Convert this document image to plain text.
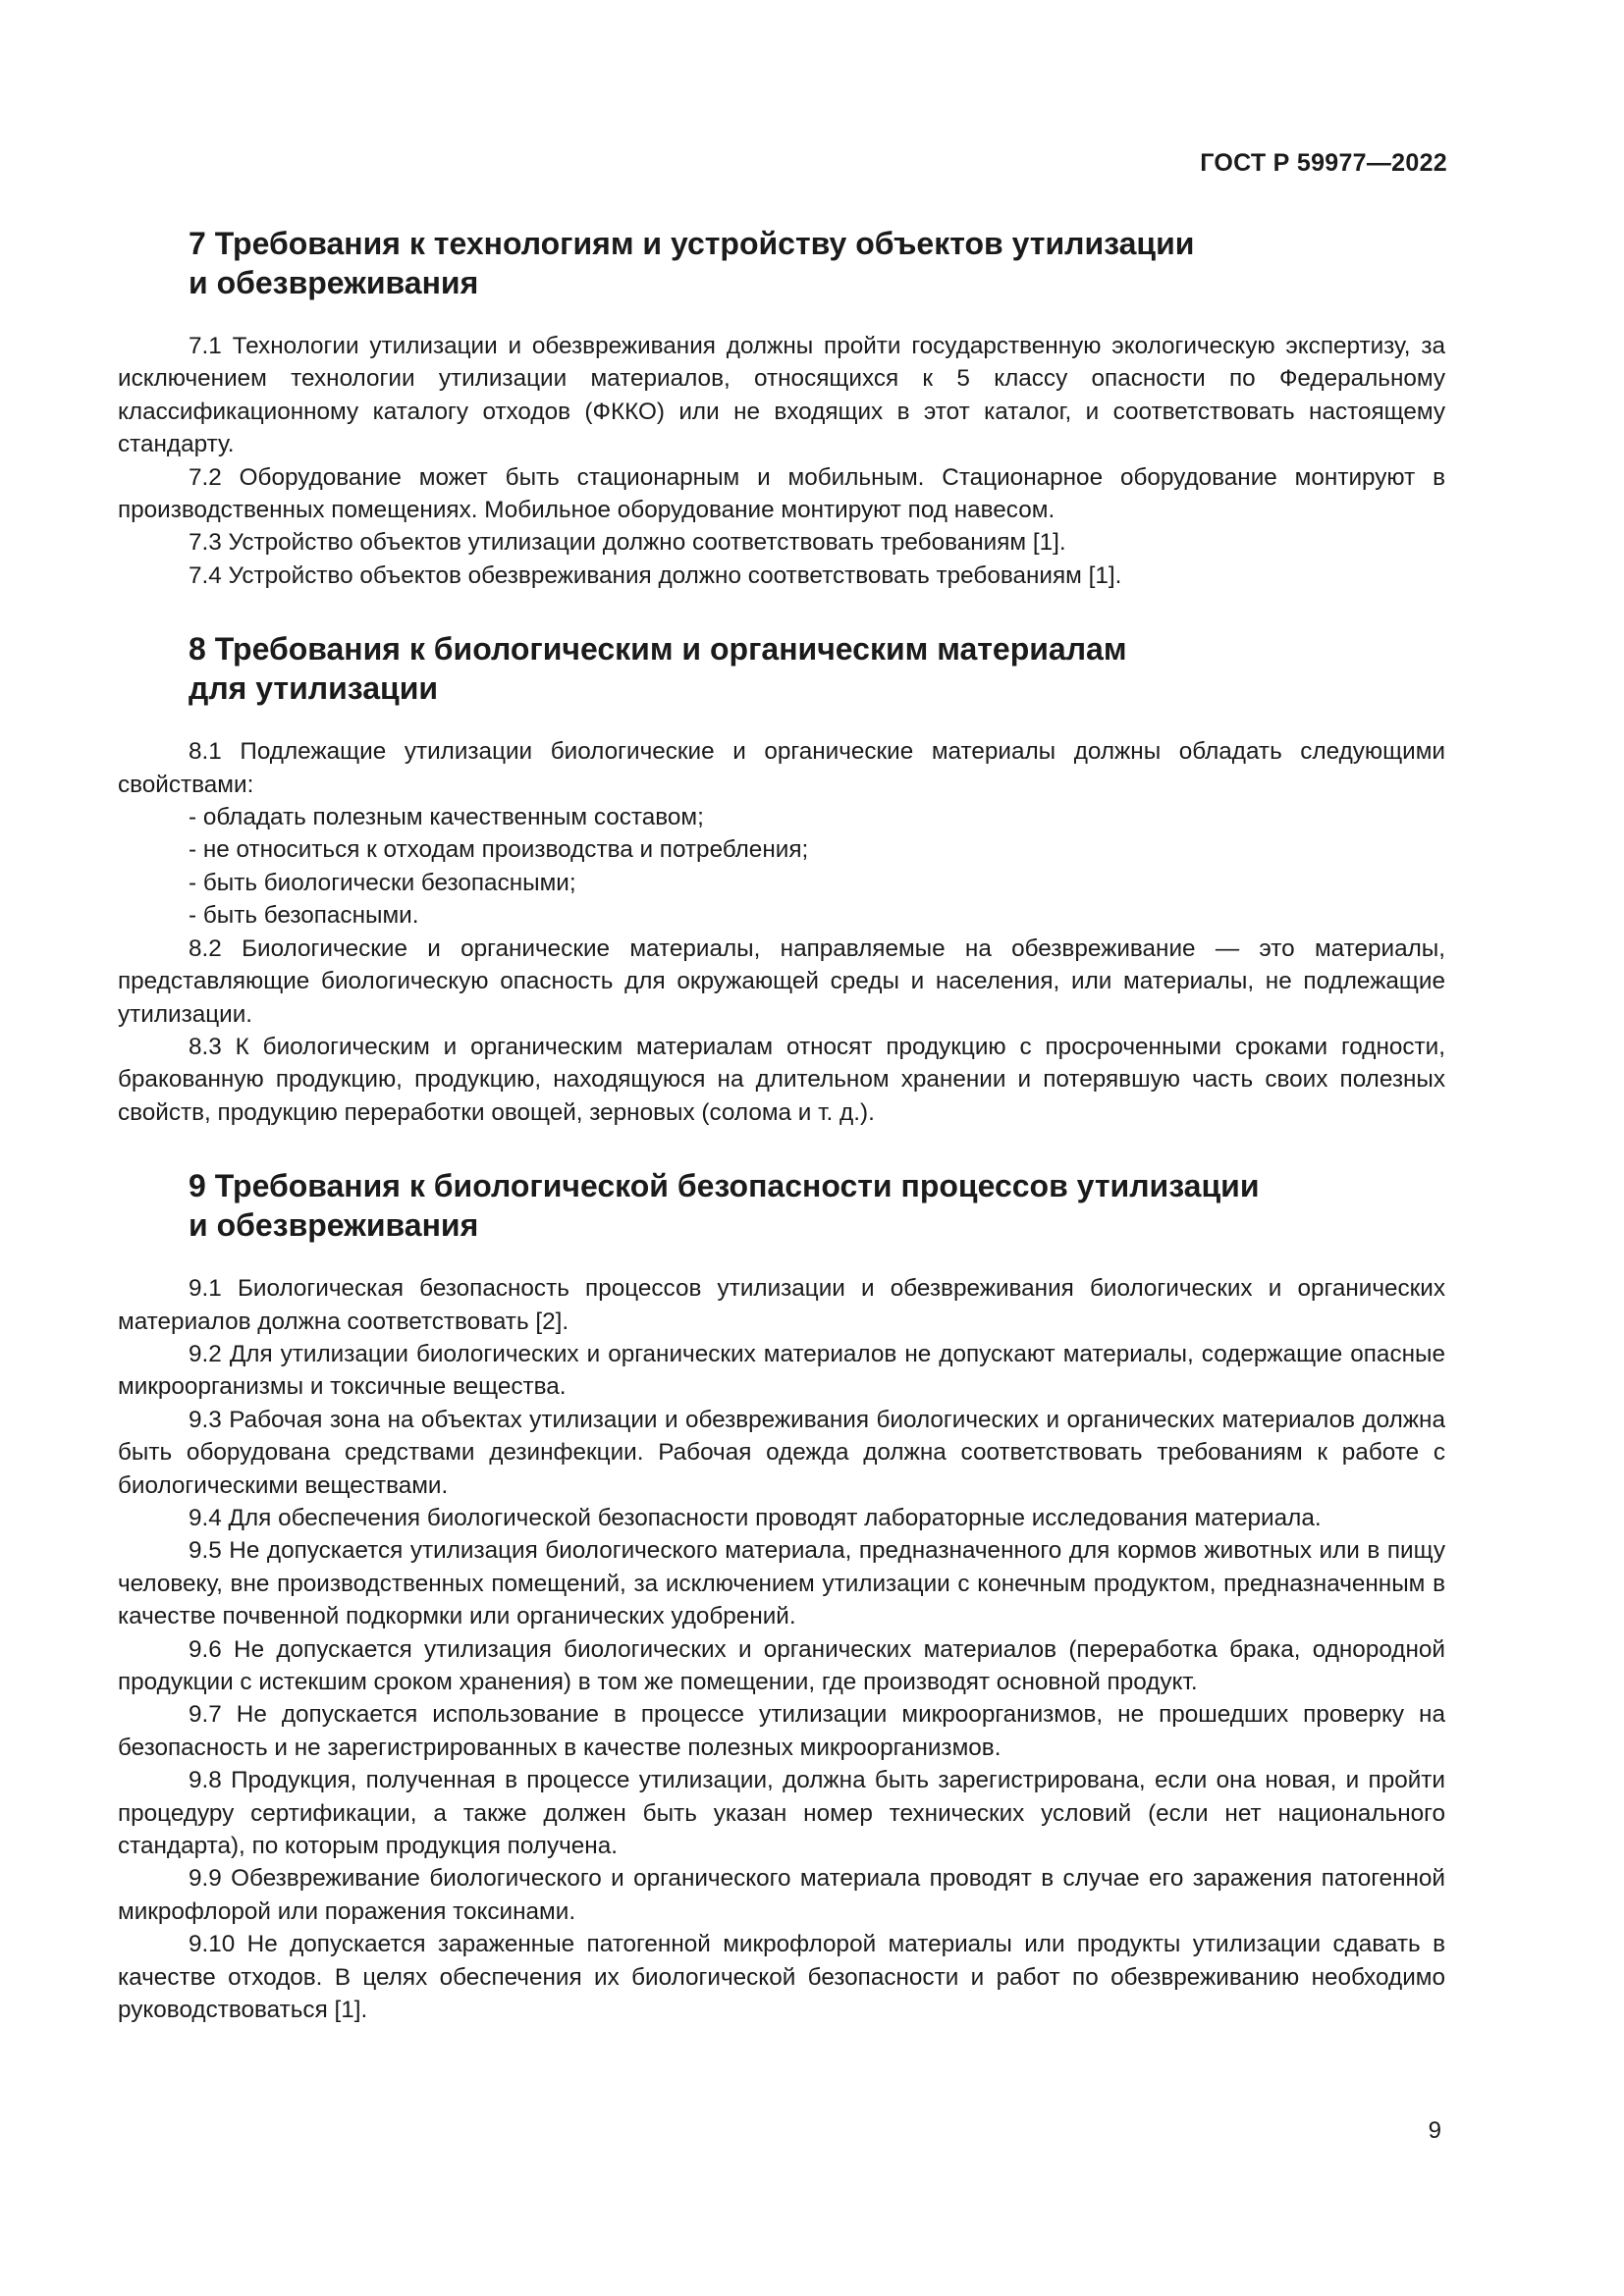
ГОСТ Р 59977—2022
7 Требования к технологиям и устройству объектов утилизации
и обезвреживания

7.1 Технологии утилизации и обезвреживания должны пройти государственную экологическую экспертизу, за исключением технологии утилизации материалов, относящихся к 5 классу опасности по Федеральному классификационному каталогу отходов (ФККО) или не входящих в этот каталог, и соответствовать настоящему стандарту.

7.2 Оборудование может быть стационарным и мобильным. Стационарное оборудование монтируют в производственных помещениях. Мобильное оборудование монтируют под навесом.

7.3 Устройство объектов утилизации должно соответствовать требованиям [1].

7.4 Устройство объектов обезвреживания должно соответствовать требованиям [1].

8 Требования к биологическим и органическим материалам
для утилизации

8.1 Подлежащие утилизации биологические и органические материалы должны обладать следующими свойствами:

- обладать полезным качественным составом;

- не относиться к отходам производства и потребления;

- быть биологически безопасными;

- быть безопасными.

8.2 Биологические и органические материалы, направляемые на обезвреживание — это материалы, представляющие биологическую опасность для окружающей среды и населения, или материалы, не подлежащие утилизации.

8.3 К биологическим и органическим материалам относят продукцию с просроченными сроками годности, бракованную продукцию, продукцию, находящуюся на длительном хранении и потерявшую часть своих полезных свойств, продукцию переработки овощей, зерновых (солома и т. д.).

9 Требования к биологической безопасности процессов утилизации
и обезвреживания

9.1 Биологическая безопасность процессов утилизации и обезвреживания биологических и органических материалов должна соответствовать [2].

9.2 Для утилизации биологических и органических материалов не допускают материалы, содержащие опасные микроорганизмы и токсичные вещества.

9.3 Рабочая зона на объектах утилизации и обезвреживания биологических и органических материалов должна быть оборудована средствами дезинфекции. Рабочая одежда должна соответствовать требованиям к работе с биологическими веществами.

9.4 Для обеспечения биологической безопасности проводят лабораторные исследования материала.

9.5 Не допускается утилизация биологического материала, предназначенного для кормов животных или в пищу человеку, вне производственных помещений, за исключением утилизации с конечным продуктом, предназначенным в качестве почвенной подкормки или органических удобрений.

9.6 Не допускается утилизация биологических и органических материалов (переработка брака, однородной продукции с истекшим сроком хранения) в том же помещении, где производят основной продукт.

9.7 Не допускается использование в процессе утилизации микроорганизмов, не прошедших проверку на безопасность и не зарегистрированных в качестве полезных микроорганизмов.

9.8 Продукция, полученная в процессе утилизации, должна быть зарегистрирована, если она новая, и пройти процедуру сертификации, а также должен быть указан номер технических условий (если нет национального стандарта), по которым продукция получена.

9.9 Обезвреживание биологического и органического материала проводят в случае его заражения патогенной микрофлорой или поражения токсинами.

9.10 Не допускается зараженные патогенной микрофлорой материалы или продукты утилизации сдавать в качестве отходов. В целях обеспечения их биологической безопасности и работ по обезвреживанию необходимо руководствоваться [1].

9
